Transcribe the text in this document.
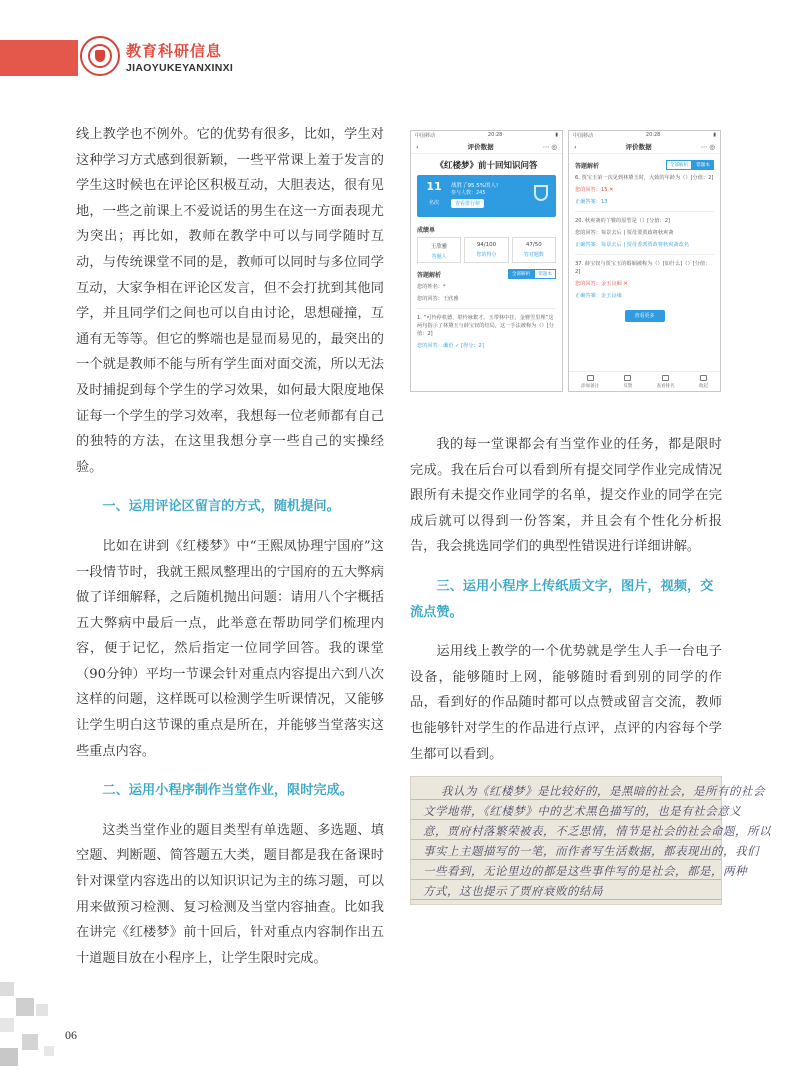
教育科研信息
JIAOYUKEYANXINXI

线上教学也不例外。它的优势有很多，比如，学生对这种学习方式感到很新颖，一些平常课上羞于发言的学生这时候也在评论区积极互动，大胆表达，很有见地，一些之前课上不爱说话的男生在这一方面表现尤为突出；再比如，教师在教学中可以与同学随时互动，与传统课堂不同的是，教师可以同时与多位同学互动，大家争相在评论区发言，但不会打扰到其他同学，并且同学们之间也可以自由讨论，思想碰撞，互通有无等等。但它的弊端也是显而易见的，最突出的一个就是教师不能与所有学生面对面交流，所以无法及时捕捉到每个学生的学习效果，如何最大限度地保证每一个学生的学习效率，我想每一位老师都有自己的独特的方法，在这里我想分享一些自己的实操经验。

一、运用评论区留言的方式，随机提问。

比如在讲到《红楼梦》中“王熙凤协理宁国府”这一段情节时，我就王熙凤整理出的宁国府的五大弊病做了详细解释，之后随机抛出问题：请用八个字概括五大弊病中最后一点，此举意在帮助同学们梳理内容，便于记忆，然后指定一位同学回答。我的课堂（90分钟）平均一节课会针对重点内容提出六到八次这样的问题，这样既可以检测学生听课情况，又能够让学生明白这节课的重点是所在，并能够当堂落实这些重点内容。

二、运用小程序制作当堂作业，限时完成。

这类当堂作业的题目类型有单选题、多选题、填空题、判断题、简答题五大类，题目都是我在备课时针对课堂内容选出的以知识识记为主的练习题，可以用来做预习检测、复习检测及当堂内容抽查。比如我在讲完《红楼梦》前十回后，针对重点内容制作出五十道题目放在小程序上，让学生限时完成。

中国移动	20:28	▮
‹	评价数据	⋯ ◎
《红楼梦》前十回知识问答
11
名次
战胜了95.5%的人!
参与人数：245
查看排行榜
成绩单
王欣雅
答题人
94/100
您的得分
47/50
答对题数
答题解析	全部解析	错题本
您的姓名：*
您的回答：王欣雅
1. “可怜停机德，堪怜咏絮才。玉带林中挂，金簪雪里埋”这两句指示了林黛玉与薛宝钗的结局，这一手法被称为（）[分值：2]
您的回答：谶语 ✓ [得分：2]
中国移动	20:28	▮
‹	评价数据	⋯ ◎
答题解析	全部解析	错题本
6. 贾宝玉第一次见到林黛玉时，大致的年龄为（）[分值：2]
您的回答：15 ✕
正确答案：13
20. 秋爽斋的丫鬟的原型是（）[分值：2]
您的回答：每景去后 | 贾母要贾政将秋爽斋
正确答案：每景去后 | 贾母委派贾政将秋爽斋改名
37. 薛宝钗与贾宝玉的婚姻被称为（）[如什么]（）[分值：2]
您的回答：金玉良姻 ✕
正确答案：金玉良缘
查看更多
添加备注	反馈	查看排名	收起

我的每一堂课都会有当堂作业的任务，都是限时完成。我在后台可以看到所有提交同学作业完成情况跟所有未提交作业同学的名单，提交作业的同学在完成后就可以得到一份答案，并且会有个性化分析报告，我会挑选同学们的典型性错误进行详细讲解。

三、运用小程序上传纸质文字，图片，视频，交流点赞。

运用线上教学的一个优势就是学生人手一台电子设备，能够随时上网，能够随时看到别的同学的作品，看到好的作品随时都可以点赞或留言交流，教师也能够针对学生的作品进行点评，点评的内容每个学生都可以看到。

我认为《红楼梦》是比较好的，是黑暗的社会，是所有的社会
文学地带，《红楼梦》中的艺术黑色描写的，也是有社会意义
意，贾府村落繁荣被表，不乏思情，情节是社会的社会命题，所以
事实上主题描写的一笔，而作者写生活数据，都表现出的，我们
一些看到，无论里边的都是这些事件写的是社会，都是，两种
方式，这也提示了贾府衰败的结局
06
